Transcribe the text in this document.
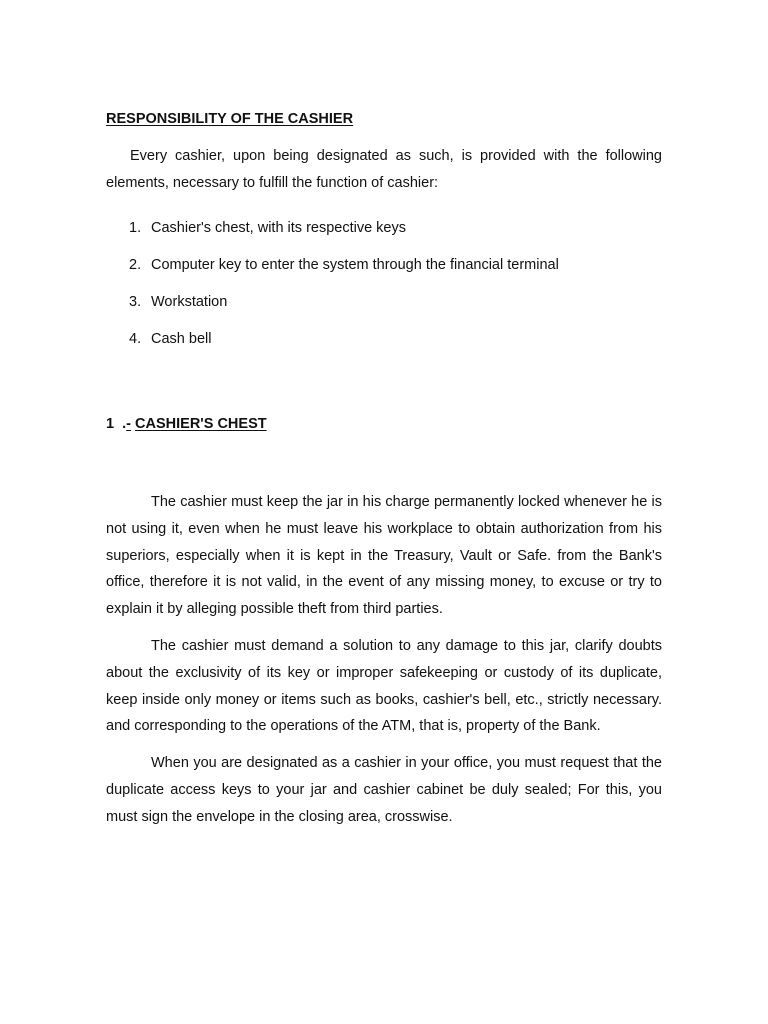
RESPONSIBILITY OF THE CASHIER

Every cashier, upon being designated as such, is provided with the following elements, necessary to fulfill the function of cashier:

1. Cashier's chest, with its respective keys
2. Computer key to enter the system through the financial terminal
3. Workstation
4. Cash bell
1 .- CASHIER'S CHEST

The cashier must keep the jar in his charge permanently locked whenever he is not using it, even when he must leave his workplace to obtain authorization from his superiors, especially when it is kept in the Treasury, Vault or Safe. from the Bank's office, therefore it is not valid, in the event of any missing money, to excuse or try to explain it by alleging possible theft from third parties.

The cashier must demand a solution to any damage to this jar, clarify doubts about the exclusivity of its key or improper safekeeping or custody of its duplicate, keep inside only money or items such as books, cashier's bell, etc., strictly necessary. and corresponding to the operations of the ATM, that is, property of the Bank.

When you are designated as a cashier in your office, you must request that the duplicate access keys to your jar and cashier cabinet be duly sealed; For this, you must sign the envelope in the closing area, crosswise.
